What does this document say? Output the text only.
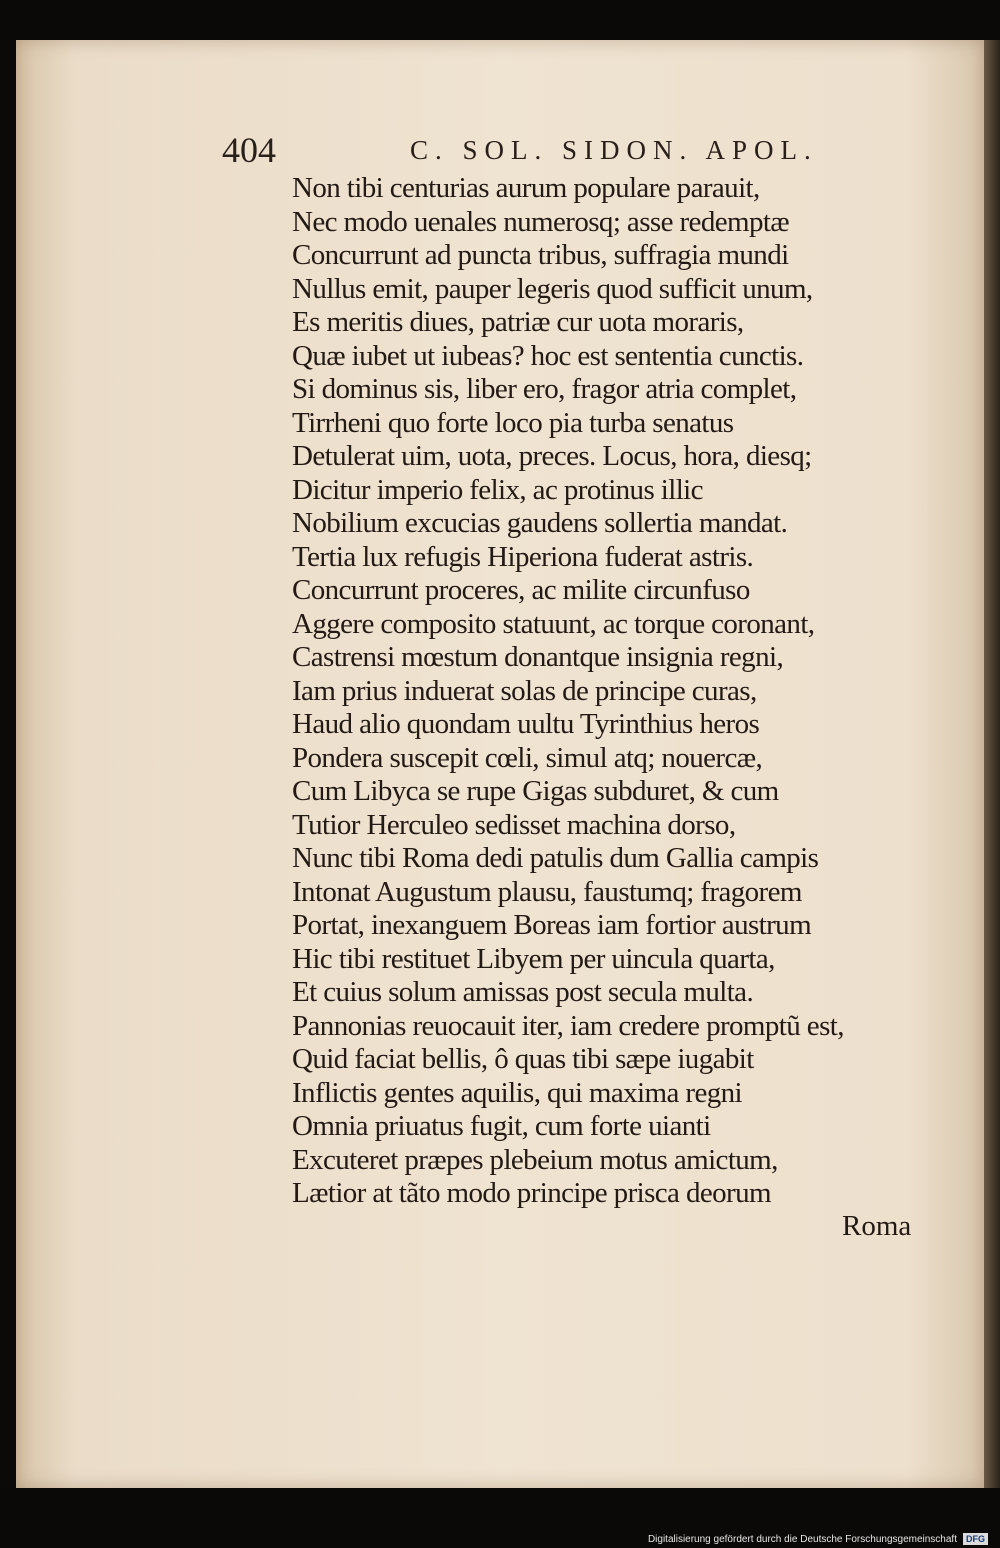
404	C. SOL. SIDON. APOL.
Non tibi centurias aurum populare parauit,
Nec modo uenales numerosq; asse redemptæ
Concurrunt ad puncta tribus, suffragia mundi
Nullus emit, pauper legeris quod sufficit unum,
Es meritis diues, patriæ cur uota moraris,
Quæ iubet ut iubeas? hoc est sententia cunctis.
Si dominus sis, liber ero, fragor atria complet,
Tirrheni quo forte loco pia turba senatus
Detulerat uim, uota, preces. Locus, hora, diesq;
Dicitur imperio felix, ac protinus illic
Nobilium excucias gaudens sollertia mandat.
Tertia lux refugis Hiperiona fuderat astris.
Concurrunt proceres, ac milite circunfuso
Aggere composito statuunt, ac torque coronant,
Castrensi mœstum donantque insignia regni,
Iam prius induerat solas de principe curas,
Haud alio quondam uultu Tyrinthius heros
Pondera suscepit cœli, simul atq; nouercæ,
Cum Libyca se rupe Gigas subduret, & cum
Tutior Herculeo sedisset machina dorso,
Nunc tibi Roma dedi patulis dum Gallia campis
Intonat Augustum plausu, faustumq; fragorem
Portat, inexanguem Boreas iam fortior austrum
Hic tibi restituet Libyem per uincula quarta,
Et cuius solum amissas post secula multa.
Pannonias reuocauit iter, iam credere promptũ est,
Quid faciat bellis, ô quas tibi sæpe iugabit
Inflictis gentes aquilis, qui maxima regni
Omnia priuatus fugit, cum forte uianti
Excuteret præpes plebeium motus amictum,
Lætior at tãto modo principe prisca deorum
Roma
Digitalisierung gefördert durch die Deutsche Forschungsgemeinschaft	DFG
